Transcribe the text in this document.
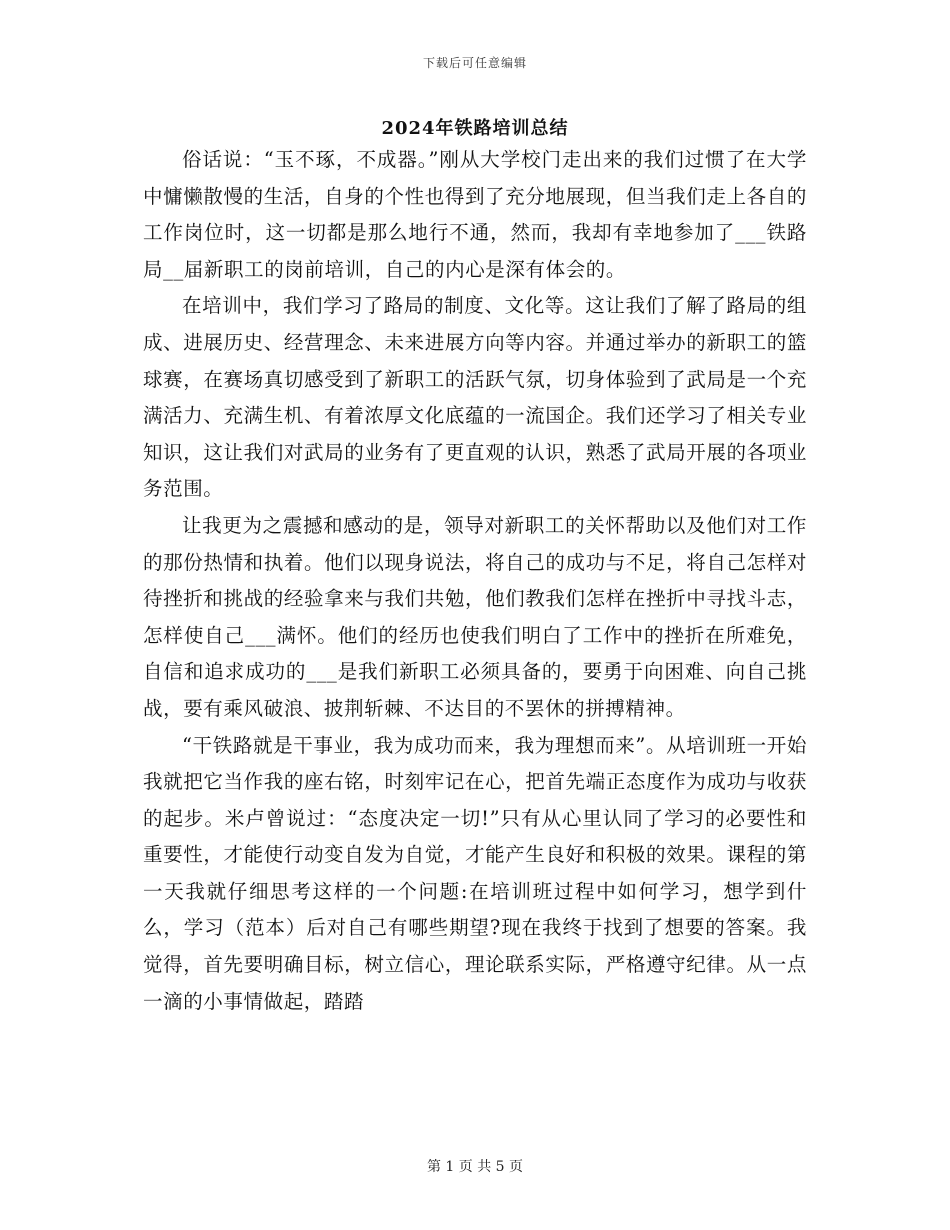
下载后可任意编辑
2024年铁路培训总结

俗话说：“玉不琢，不成器。”刚从大学校门走出来的我们过惯了在大学中慵懒散慢的生活，自身的个性也得到了充分地展现，但当我们走上各自的工作岗位时，这一切都是那么地行不通，然而，我却有幸地参加了___铁路局__届新职工的岗前培训，自己的内心是深有体会的。

在培训中，我们学习了路局的制度、文化等。这让我们了解了路局的组成、进展历史、经营理念、未来进展方向等内容。并通过举办的新职工的篮球赛，在赛场真切感受到了新职工的活跃气氛，切身体验到了武局是一个充满活力、充满生机、有着浓厚文化底蕴的一流国企。我们还学习了相关专业知识，这让我们对武局的业务有了更直观的认识，熟悉了武局开展的各项业务范围。

让我更为之震撼和感动的是，领导对新职工的关怀帮助以及他们对工作的那份热情和执着。他们以现身说法，将自己的成功与不足，将自己怎样对待挫折和挑战的经验拿来与我们共勉，他们教我们怎样在挫折中寻找斗志，怎样使自己___满怀。他们的经历也使我们明白了工作中的挫折在所难免，自信和追求成功的___是我们新职工必须具备的，要勇于向困难、向自己挑战，要有乘风破浪、披荆斩棘、不达目的不罢休的拼搏精神。

“干铁路就是干事业，我为成功而来，我为理想而来”。从培训班一开始我就把它当作我的座右铭，时刻牢记在心，把首先端正态度作为成功与收获的起步。米卢曾说过：“态度决定一切!”只有从心里认同了学习的必要性和重要性，才能使行动变自发为自觉，才能产生良好和积极的效果。课程的第一天我就仔细思考这样的一个问题:在培训班过程中如何学习，想学到什么，学习（范本）后对自己有哪些期望?现在我终于找到了想要的答案。我觉得，首先要明确目标，树立信心，理论联系实际，严格遵守纪律。从一点一滴的小事情做起，踏踏

第 1 页 共 5 页
